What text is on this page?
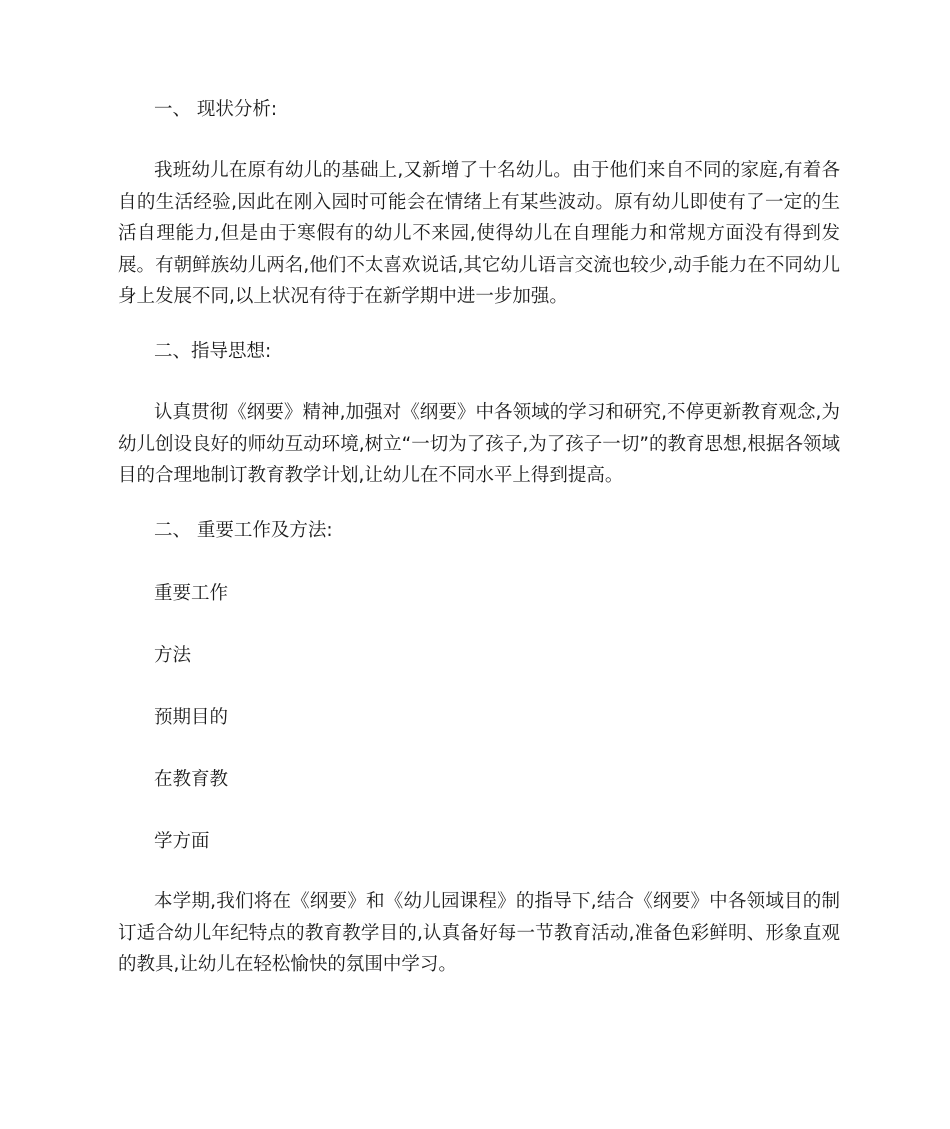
一、 现状分析:

我班幼儿在原有幼儿的基础上,又新增了十名幼儿。由于他们来自不同的家庭,有着各自的生活经验,因此在刚入园时可能会在情绪上有某些波动。原有幼儿即使有了一定的生活自理能力,但是由于寒假有的幼儿不来园,使得幼儿在自理能力和常规方面没有得到发展。有朝鲜族幼儿两名,他们不太喜欢说话,其它幼儿语言交流也较少,动手能力在不同幼儿身上发展不同,以上状况有待于在新学期中进一步加强。

二、指导思想:

认真贯彻《纲要》精神,加强对《纲要》中各领域的学习和研究,不停更新教育观念,为幼儿创设良好的师幼互动环境,树立“一切为了孩子,为了孩子一切”的教育思想,根据各领域目的合理地制订教育教学计划,让幼儿在不同水平上得到提高。

二、 重要工作及方法:

重要工作

方法

预期目的

在教育教

学方面

本学期,我们将在《纲要》和《幼儿园课程》的指导下,结合《纲要》中各领域目的制订适合幼儿年纪特点的教育教学目的,认真备好每一节教育活动,准备色彩鲜明、形象直观的教具,让幼儿在轻松愉快的氛围中学习。
